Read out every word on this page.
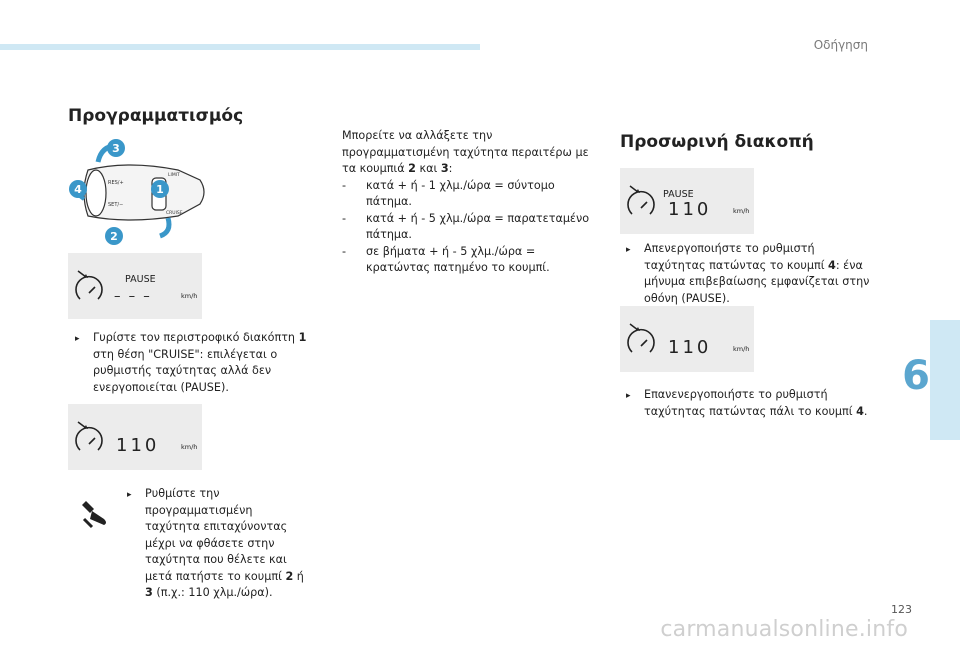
Οδήγηση
Προγραμματισμός
3
1
2
4	RES/+
SET/−
LIMIT
CRUISE
PAUSE
– – –	km/h
▸	Γυρίστε τον περιστροφικό διακόπτη 1 στη θέση "CRUISE": επιλέγεται ο ρυθμιστής ταχύτητας αλλά δεν ενεργοποιείται (PAUSE).
110	km/h
▸	Ρυθμίστε την προγραμματισμένη ταχύτητα επιταχύνοντας μέχρι να φθάσετε στην ταχύτητα που θέλετε και μετά πατήστε το κουμπί 2 ή 3 (π.χ.: 110 χλμ./ώρα).
Μπορείτε να αλλάξετε την προγραμματισμένη ταχύτητα περαιτέρω με τα κουμπιά 2 και 3:
-	κατά + ή - 1 χλμ./ώρα = σύντομο πάτημα.
-	κατά + ή - 5 χλμ./ώρα = παρατεταμένο πάτημα.
-	σε βήματα + ή - 5 χλμ./ώρα = κρατώντας πατημένο το κουμπί.
Προσωρινή διακοπή
PAUSE
110	km/h
▸	Απενεργοποιήστε το ρυθμιστή ταχύτητας πατώντας το κουμπί 4: ένα μήνυμα επιβεβαίωσης εμφανίζεται στην οθόνη (PAUSE).
110	km/h
▸	Επανενεργοποιήστε το ρυθμιστή ταχύτητας πατώντας πάλι το κουμπί 4.
6
123
carmanualsonline.info
